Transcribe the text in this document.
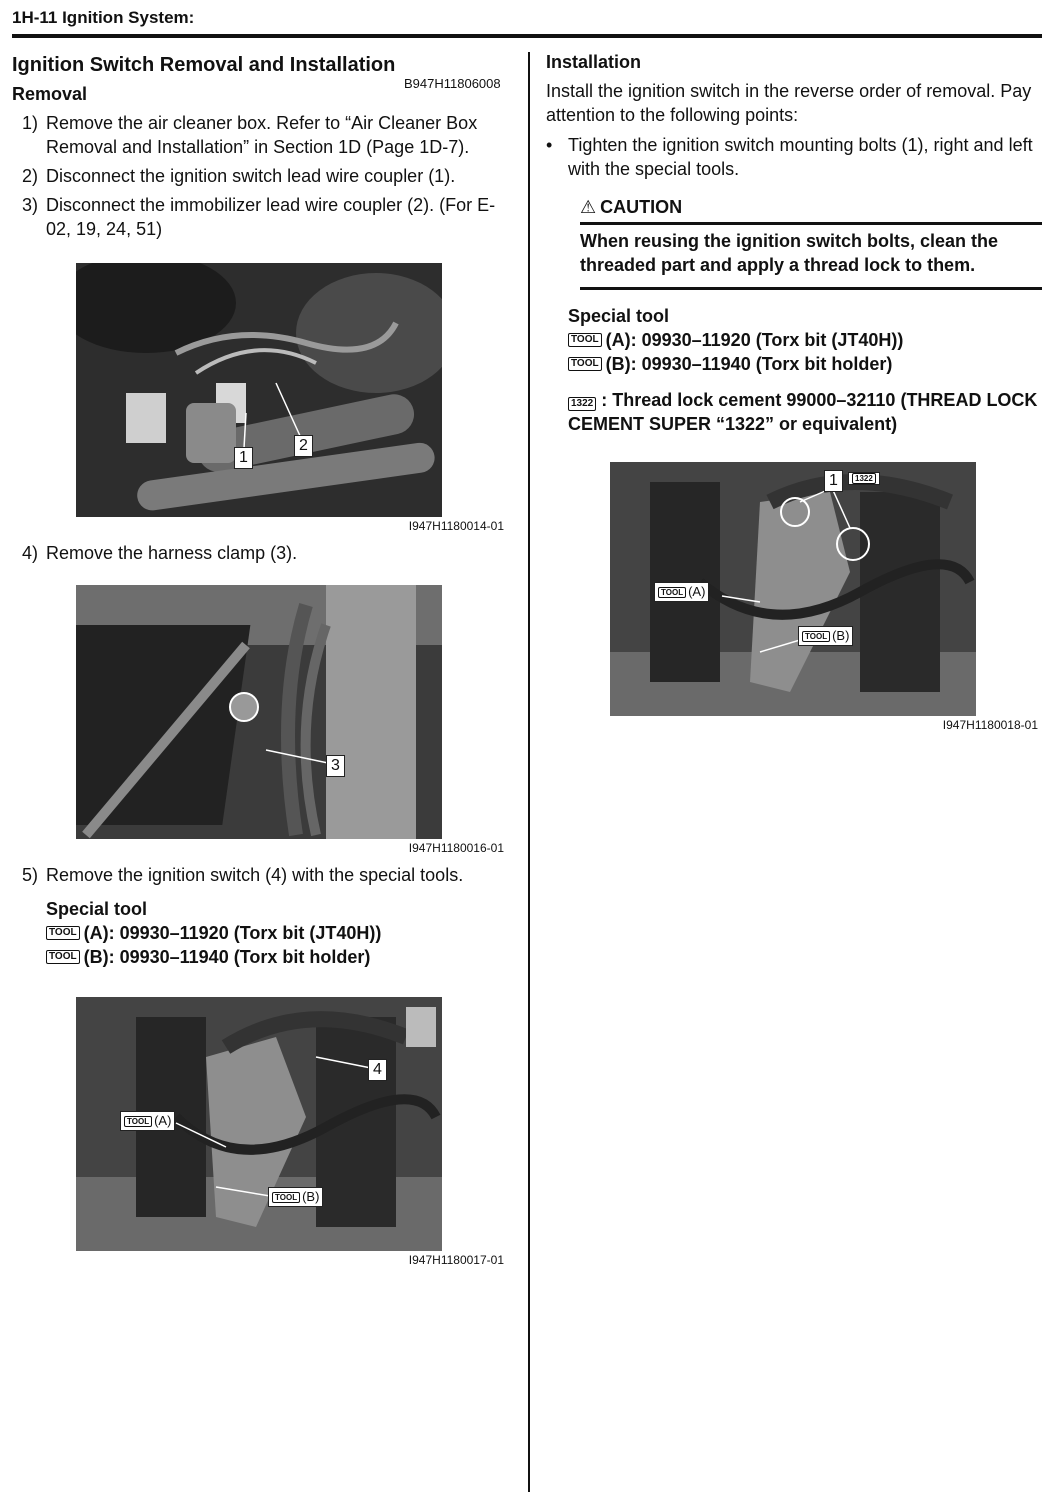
1H-11 Ignition System:
Ignition Switch Removal and Installation
B947H11806008
Removal
1) Remove the air cleaner box. Refer to “Air Cleaner Box Removal and Installation” in Section 1D (Page 1D-7).
2) Disconnect the ignition switch lead wire coupler (1).
3) Disconnect the immobilizer lead wire coupler (2). (For E-02, 19, 24, 51)
1
2
I947H1180014-01
4) Remove the harness clamp (3).
3
I947H1180016-01
5) Remove the ignition switch (4) with the special tools.
Special tool
TOOL (A): 09930–11920 (Torx bit (JT40H))
TOOL (B): 09930–11940 (Torx bit holder)
4
TOOL (A)
TOOL (B)
I947H1180017-01
Installation

Install the ignition switch in the reverse order of removal. Pay attention to the following points:

• Tighten the ignition switch mounting bolts (1), right and left with the special tools.
⚠ CAUTION
When reusing the ignition switch bolts, clean the threaded part and apply a thread lock to them.
Special tool
TOOL (A): 09930–11920 (Torx bit (JT40H))
TOOL (B): 09930–11940 (Torx bit holder)
1322 : Thread lock cement 99000–32110 (THREAD LOCK CEMENT SUPER “1322” or equivalent)
1	1322
TOOL (A)
TOOL (B)
I947H1180018-01
